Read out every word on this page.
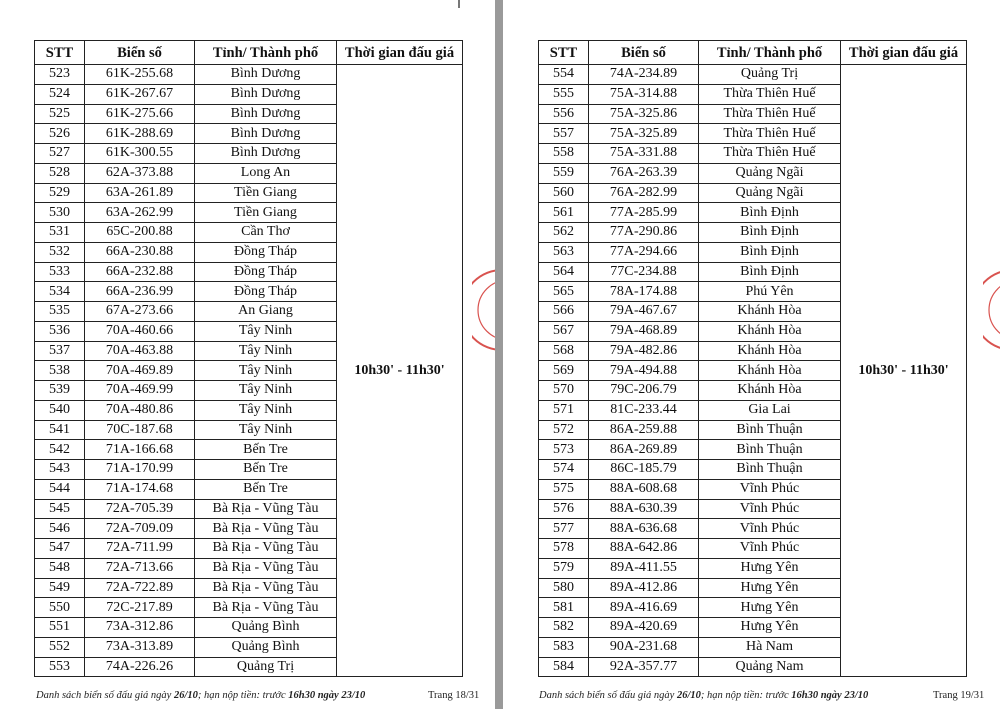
STT	Biển số	Tỉnh/ Thành phố	Thời gian đấu giá
523	61K-255.68	Bình Dương	10h30' - 11h30'
524	61K-267.67	Bình Dương	
525	61K-275.66	Bình Dương	
526	61K-288.69	Bình Dương	
527	61K-300.55	Bình Dương	
528	62A-373.88	Long An	
529	63A-261.89	Tiền Giang	
530	63A-262.99	Tiền Giang	
531	65C-200.88	Cần Thơ	
532	66A-230.88	Đồng Tháp	
533	66A-232.88	Đồng Tháp	
534	66A-236.99	Đồng Tháp	
535	67A-273.66	An Giang	
536	70A-460.66	Tây Ninh	
537	70A-463.88	Tây Ninh	
538	70A-469.89	Tây Ninh	
539	70A-469.99	Tây Ninh	
540	70A-480.86	Tây Ninh	
541	70C-187.68	Tây Ninh	
542	71A-166.68	Bến Tre	
543	71A-170.99	Bến Tre	
544	71A-174.68	Bến Tre	
545	72A-705.39	Bà Rịa - Vũng Tàu	
546	72A-709.09	Bà Rịa - Vũng Tàu	
547	72A-711.99	Bà Rịa - Vũng Tàu	
548	72A-713.66	Bà Rịa - Vũng Tàu	
549	72A-722.89	Bà Rịa - Vũng Tàu	
550	72C-217.89	Bà Rịa - Vũng Tàu	
551	73A-312.86	Quảng Bình	
552	73A-313.89	Quảng Bình	
553	74A-226.26	Quảng Trị	
Danh sách biển số đấu giá ngày 26/10; hạn nộp tiền: trước 16h30 ngày 23/10	Trang 18/31
STT	Biển số	Tỉnh/ Thành phố	Thời gian đấu giá
554	74A-234.89	Quảng Trị	10h30' - 11h30'
555	75A-314.88	Thừa Thiên Huế	
556	75A-325.86	Thừa Thiên Huế	
557	75A-325.89	Thừa Thiên Huế	
558	75A-331.88	Thừa Thiên Huế	
559	76A-263.39	Quảng Ngãi	
560	76A-282.99	Quảng Ngãi	
561	77A-285.99	Bình Định	
562	77A-290.86	Bình Định	
563	77A-294.66	Bình Định	
564	77C-234.88	Bình Định	
565	78A-174.88	Phú Yên	
566	79A-467.67	Khánh Hòa	
567	79A-468.89	Khánh Hòa	
568	79A-482.86	Khánh Hòa	
569	79A-494.88	Khánh Hòa	
570	79C-206.79	Khánh Hòa	
571	81C-233.44	Gia Lai	
572	86A-259.88	Bình Thuận	
573	86A-269.89	Bình Thuận	
574	86C-185.79	Bình Thuận	
575	88A-608.68	Vĩnh Phúc	
576	88A-630.39	Vĩnh Phúc	
577	88A-636.68	Vĩnh Phúc	
578	88A-642.86	Vĩnh Phúc	
579	89A-411.55	Hưng Yên	
580	89A-412.86	Hưng Yên	
581	89A-416.69	Hưng Yên	
582	89A-420.69	Hưng Yên	
583	90A-231.68	Hà Nam	
584	92A-357.77	Quảng Nam	
Danh sách biển số đấu giá ngày 26/10; hạn nộp tiền: trước 16h30 ngày 23/10	Trang 19/31
